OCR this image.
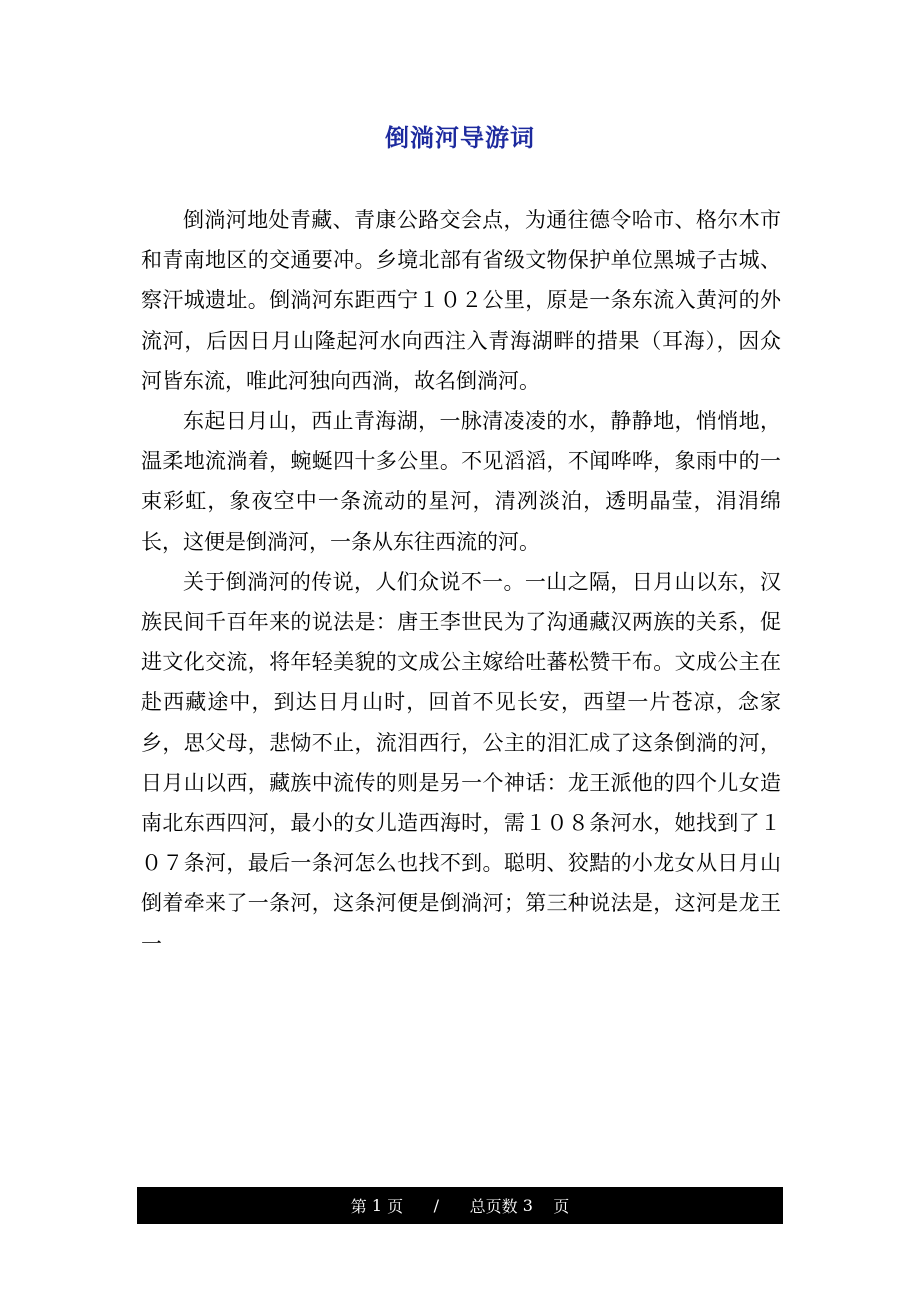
倒淌河导游词

倒淌河地处青藏、青康公路交会点，为通往德令哈市、格尔木市和青南地区的交通要冲。乡境北部有省级文物保护单位黑城子古城、察汗城遗址。倒淌河东距西宁１０２公里，原是一条东流入黄河的外流河，后因日月山隆起河水向西注入青海湖畔的措果（耳海），因众河皆东流，唯此河独向西淌，故名倒淌河。

东起日月山，西止青海湖，一脉清凌凌的水，静静地，悄悄地，温柔地流淌着，蜿蜒四十多公里。不见滔滔，不闻哗哗，象雨中的一束彩虹，象夜空中一条流动的星河，清冽淡泊，透明晶莹，涓涓绵长，这便是倒淌河，一条从东往西流的河。

关于倒淌河的传说，人们众说不一。一山之隔，日月山以东，汉族民间千百年来的说法是：唐王李世民为了沟通藏汉两族的关系，促进文化交流，将年轻美貌的文成公主嫁给吐蕃松赞干布。文成公主在赴西藏途中，到达日月山时，回首不见长安，西望一片苍凉，念家乡，思父母，悲恸不止，流泪西行，公主的泪汇成了这条倒淌的河，日月山以西，藏族中流传的则是另一个神话：龙王派他的四个儿女造南北东西四河，最小的女儿造西海时，需１０８条河水，她找到了１０７条河，最后一条河怎么也找不到。聪明、狡黠的小龙女从日月山倒着牵来了一条河，这条河便是倒淌河；第三种说法是，这河是龙王一

第
1
页
/
总页数
3
页
